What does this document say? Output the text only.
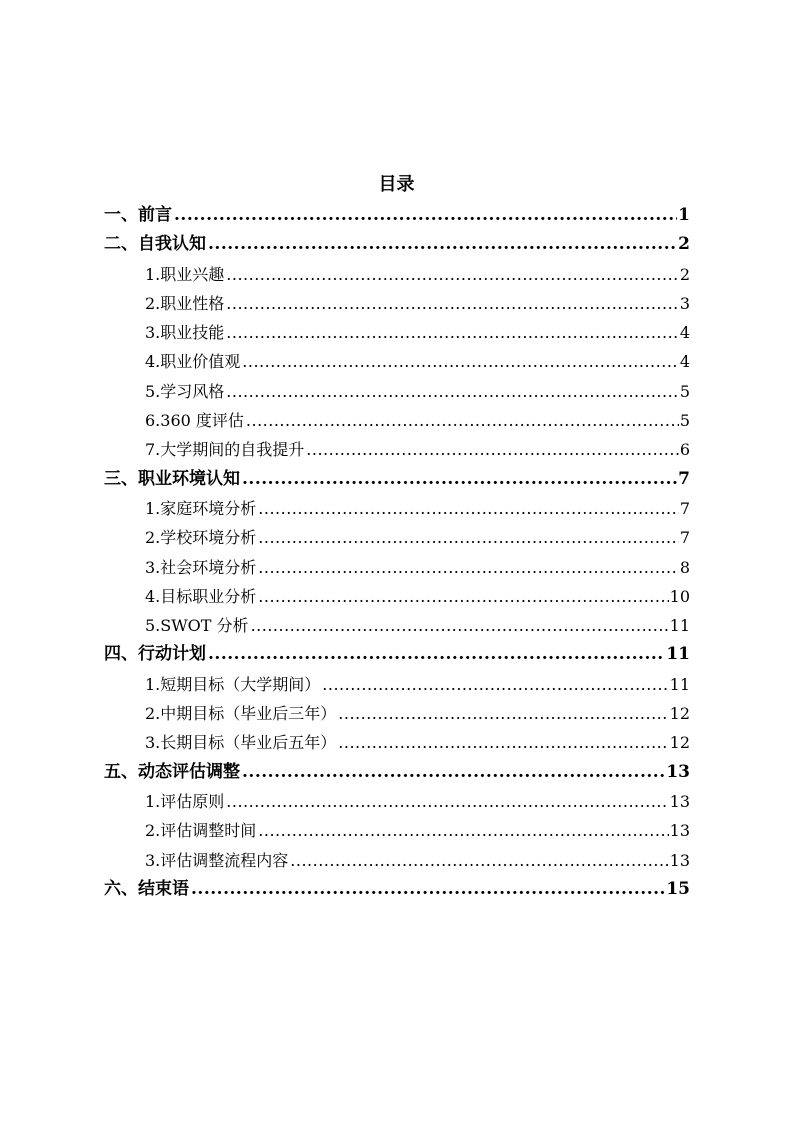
目录
一、前言 .....	1
二、自我认知 .....	2
1.职业兴趣 .....	2
2.职业性格 .....	3
3.职业技能 .....	4
4.职业价值观 .....	4
5.学习风格 .....	5
6.360 度评估 .....	5
7.大学期间的自我提升 .....	6
三、职业环境认知 .....	7
1.家庭环境分析 .....	7
2.学校环境分析 .....	7
3.社会环境分析 .....	8
4.目标职业分析 .....	10
5.SWOT 分析 .....	11
四、行动计划 .....	11
1.短期目标（大学期间） .....	11
2.中期目标（毕业后三年） .....	12
3.长期目标（毕业后五年） .....	12
五、动态评估调整 .....	13
1.评估原则 .....	13
2.评估调整时间 .....	13
3.评估调整流程内容 .....	13
六、结束语 .....	15
